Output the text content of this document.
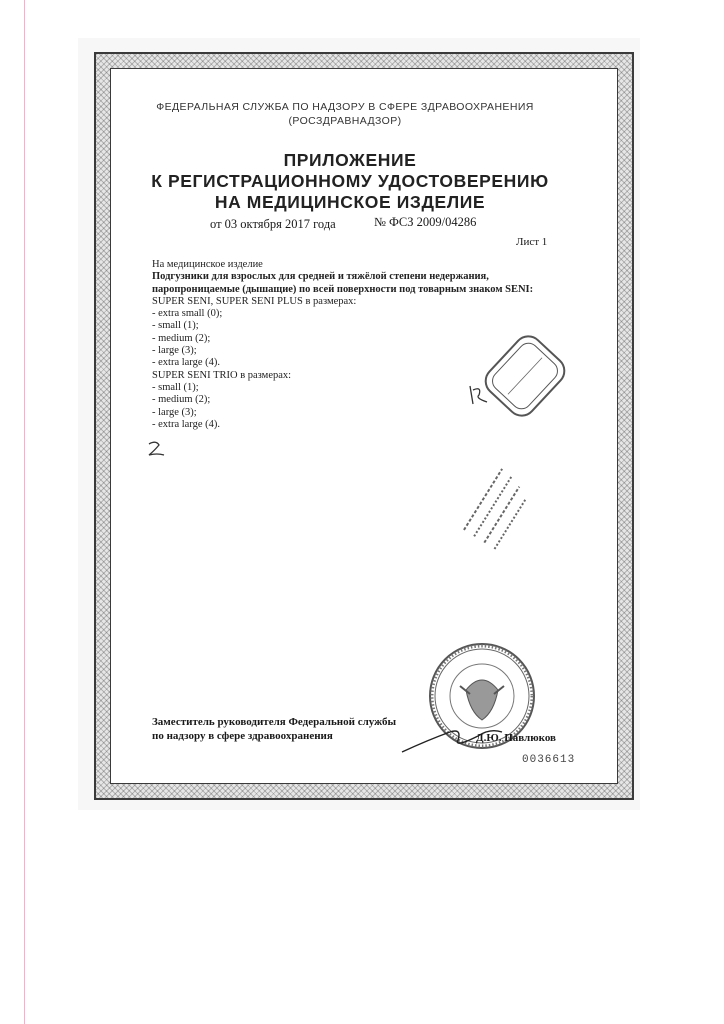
ФЕДЕРАЛЬНАЯ СЛУЖБА ПО НАДЗОРУ В СФЕРЕ ЗДРАВООХРАНЕНИЯ
(РОСЗДРАВНАДЗОР)
ПРИЛОЖЕНИЕ
К РЕГИСТРАЦИОННОМУ УДОСТОВЕРЕНИЮ
НА МЕДИЦИНСКОЕ ИЗДЕЛИЕ
от 03 октября 2017 года	№ ФСЗ 2009/04286
Лист 1
На медицинское изделие
Подгузники для взрослых для средней и тяжёлой степени недержания,
паропроницаемые (дышащие) по всей поверхности под товарным знаком SENI:
SUPER SENI, SUPER SENI PLUS в размерах:
- extra small (0);
- small (1);
- medium (2);
- large (3);
- extra large (4).
SUPER SENI TRIO в размерах:
- small (1);
- medium (2);
- large (3);
- extra large (4).
Заместитель руководителя Федеральной службы
по надзору в сфере здравоохранения	Д.Ю. Павлюков
0036613
